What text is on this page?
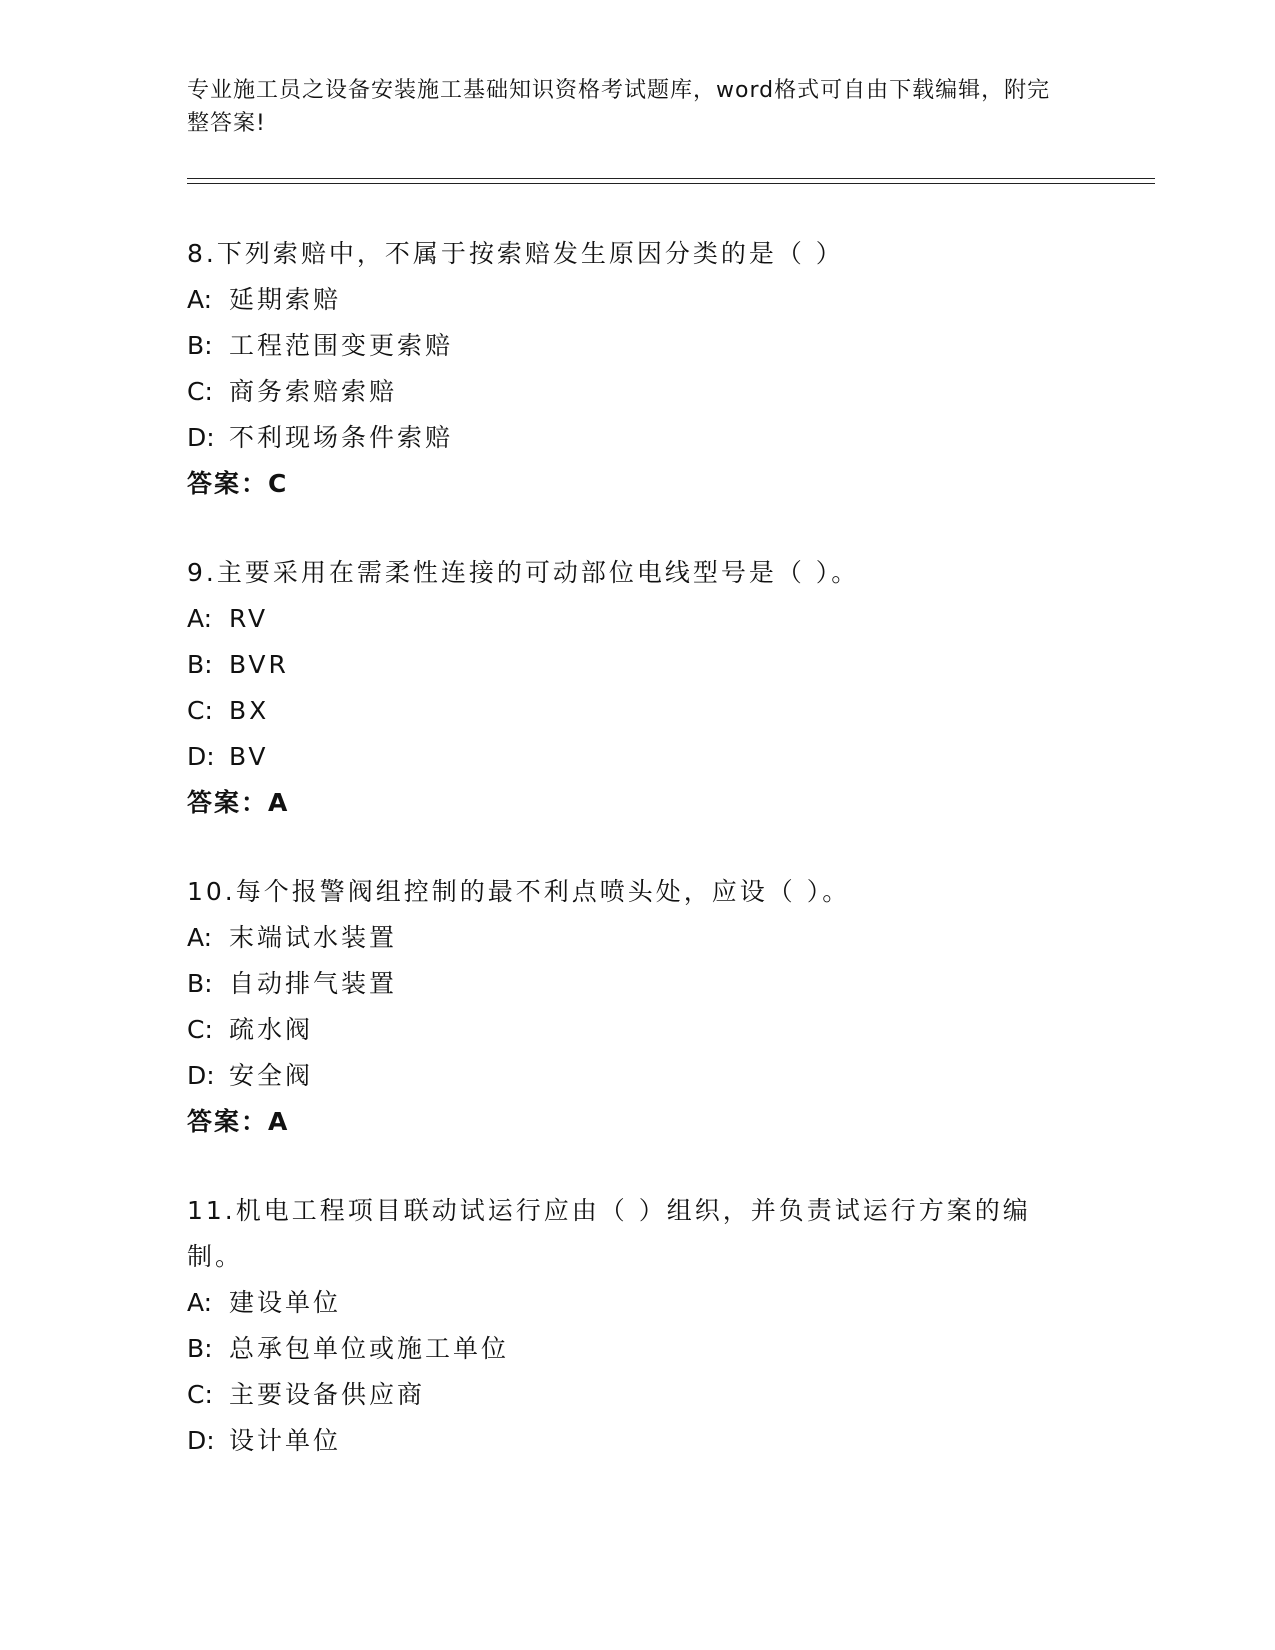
专业施工员之设备安装施工基础知识资格考试题库，word格式可自由下载编辑，附完整答案!

8.下列索赔中，不属于按索赔发生原因分类的是（ ）

A: 延期索赔
B: 工程范围变更索赔
C: 商务索赔索赔
D: 不利现场条件索赔
答案：C

9.主要采用在需柔性连接的可动部位电线型号是（ ）。

A: RV
B: BVR
C: BX
D: BV
答案：A

10.每个报警阀组控制的最不利点喷头处，应设（ ）。

A: 末端试水装置
B: 自动排气装置
C: 疏水阀
D: 安全阀
答案：A

11.机电工程项目联动试运行应由（ ）组织，并负责试运行方案的编制。

A: 建设单位
B: 总承包单位或施工单位
C: 主要设备供应商
D: 设计单位
